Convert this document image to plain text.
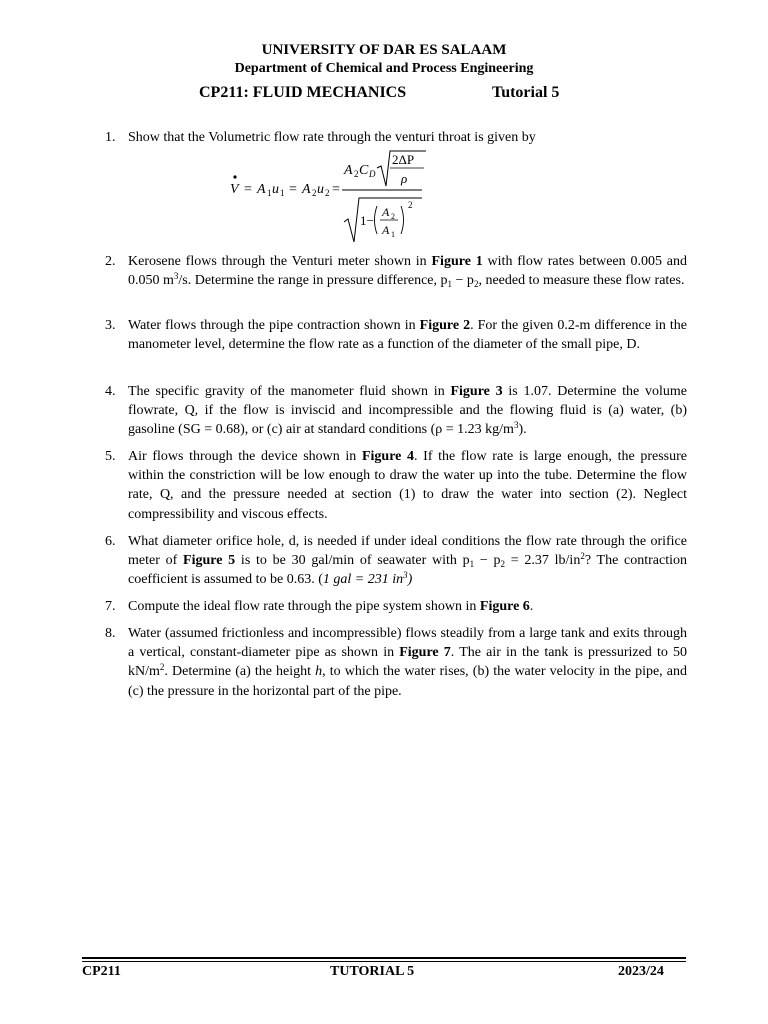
UNIVERSITY OF DAR ES SALAAM
Department of Chemical and Process Engineering
CP211: FLUID MECHANICS	Tutorial 5
1. Show that the Volumetric flow rate through the venturi throat is given by
V = A 1 u 1 = A 2 u 2 =
A 2 C D
2ΔP
ρ
1−
A 2
A 1
2
2. Kerosene flows through the Venturi meter shown in Figure 1 with flow rates between 0.005 and 0.050 $m^3/s$. Determine the range in pressure difference, $p_1 - p_2$, needed to measure these flow rates.
3. Water flows through the pipe contraction shown in Figure 2. For the given 0.2-m difference in the manometer level, determine the flow rate as a function of the diameter of the small pipe, D.
4. The specific gravity of the manometer fluid shown in Figure 3 is 1.07. Determine the volume flowrate, Q, if the flow is inviscid and incompressible and the flowing fluid is (a) water, (b) gasoline (SG = 0.68), or (c) air at standard conditions (ρ = 1.23 $kg/m^3$).
5. Air flows through the device shown in Figure 4. If the flow rate is large enough, the pressure within the constriction will be low enough to draw the water up into the tube. Determine the flow rate, Q, and the pressure needed at section (1) to draw the water into section (2). Neglect compressibility and viscous effects.
6. What diameter orifice hole, d, is needed if under ideal conditions the flow rate through the orifice meter of Figure 5 is to be 30 gal/min of seawater with $p_1 - p_2 = 2.37$ $lb/in^2$? The contraction coefficient is assumed to be 0.63. (1 gal = 231 $in^3$)
7. Compute the ideal flow rate through the pipe system shown in Figure 6.
8. Water (assumed frictionless and incompressible) flows steadily from a large tank and exits through a vertical, constant-diameter pipe as shown in Figure 7. The air in the tank is pressurized to 50 $kN/m^2$. Determine (a) the height h, to which the water rises, (b) the water velocity in the pipe, and (c) the pressure in the horizontal part of the pipe.
CP211	TUTORIAL 5	2023/24
